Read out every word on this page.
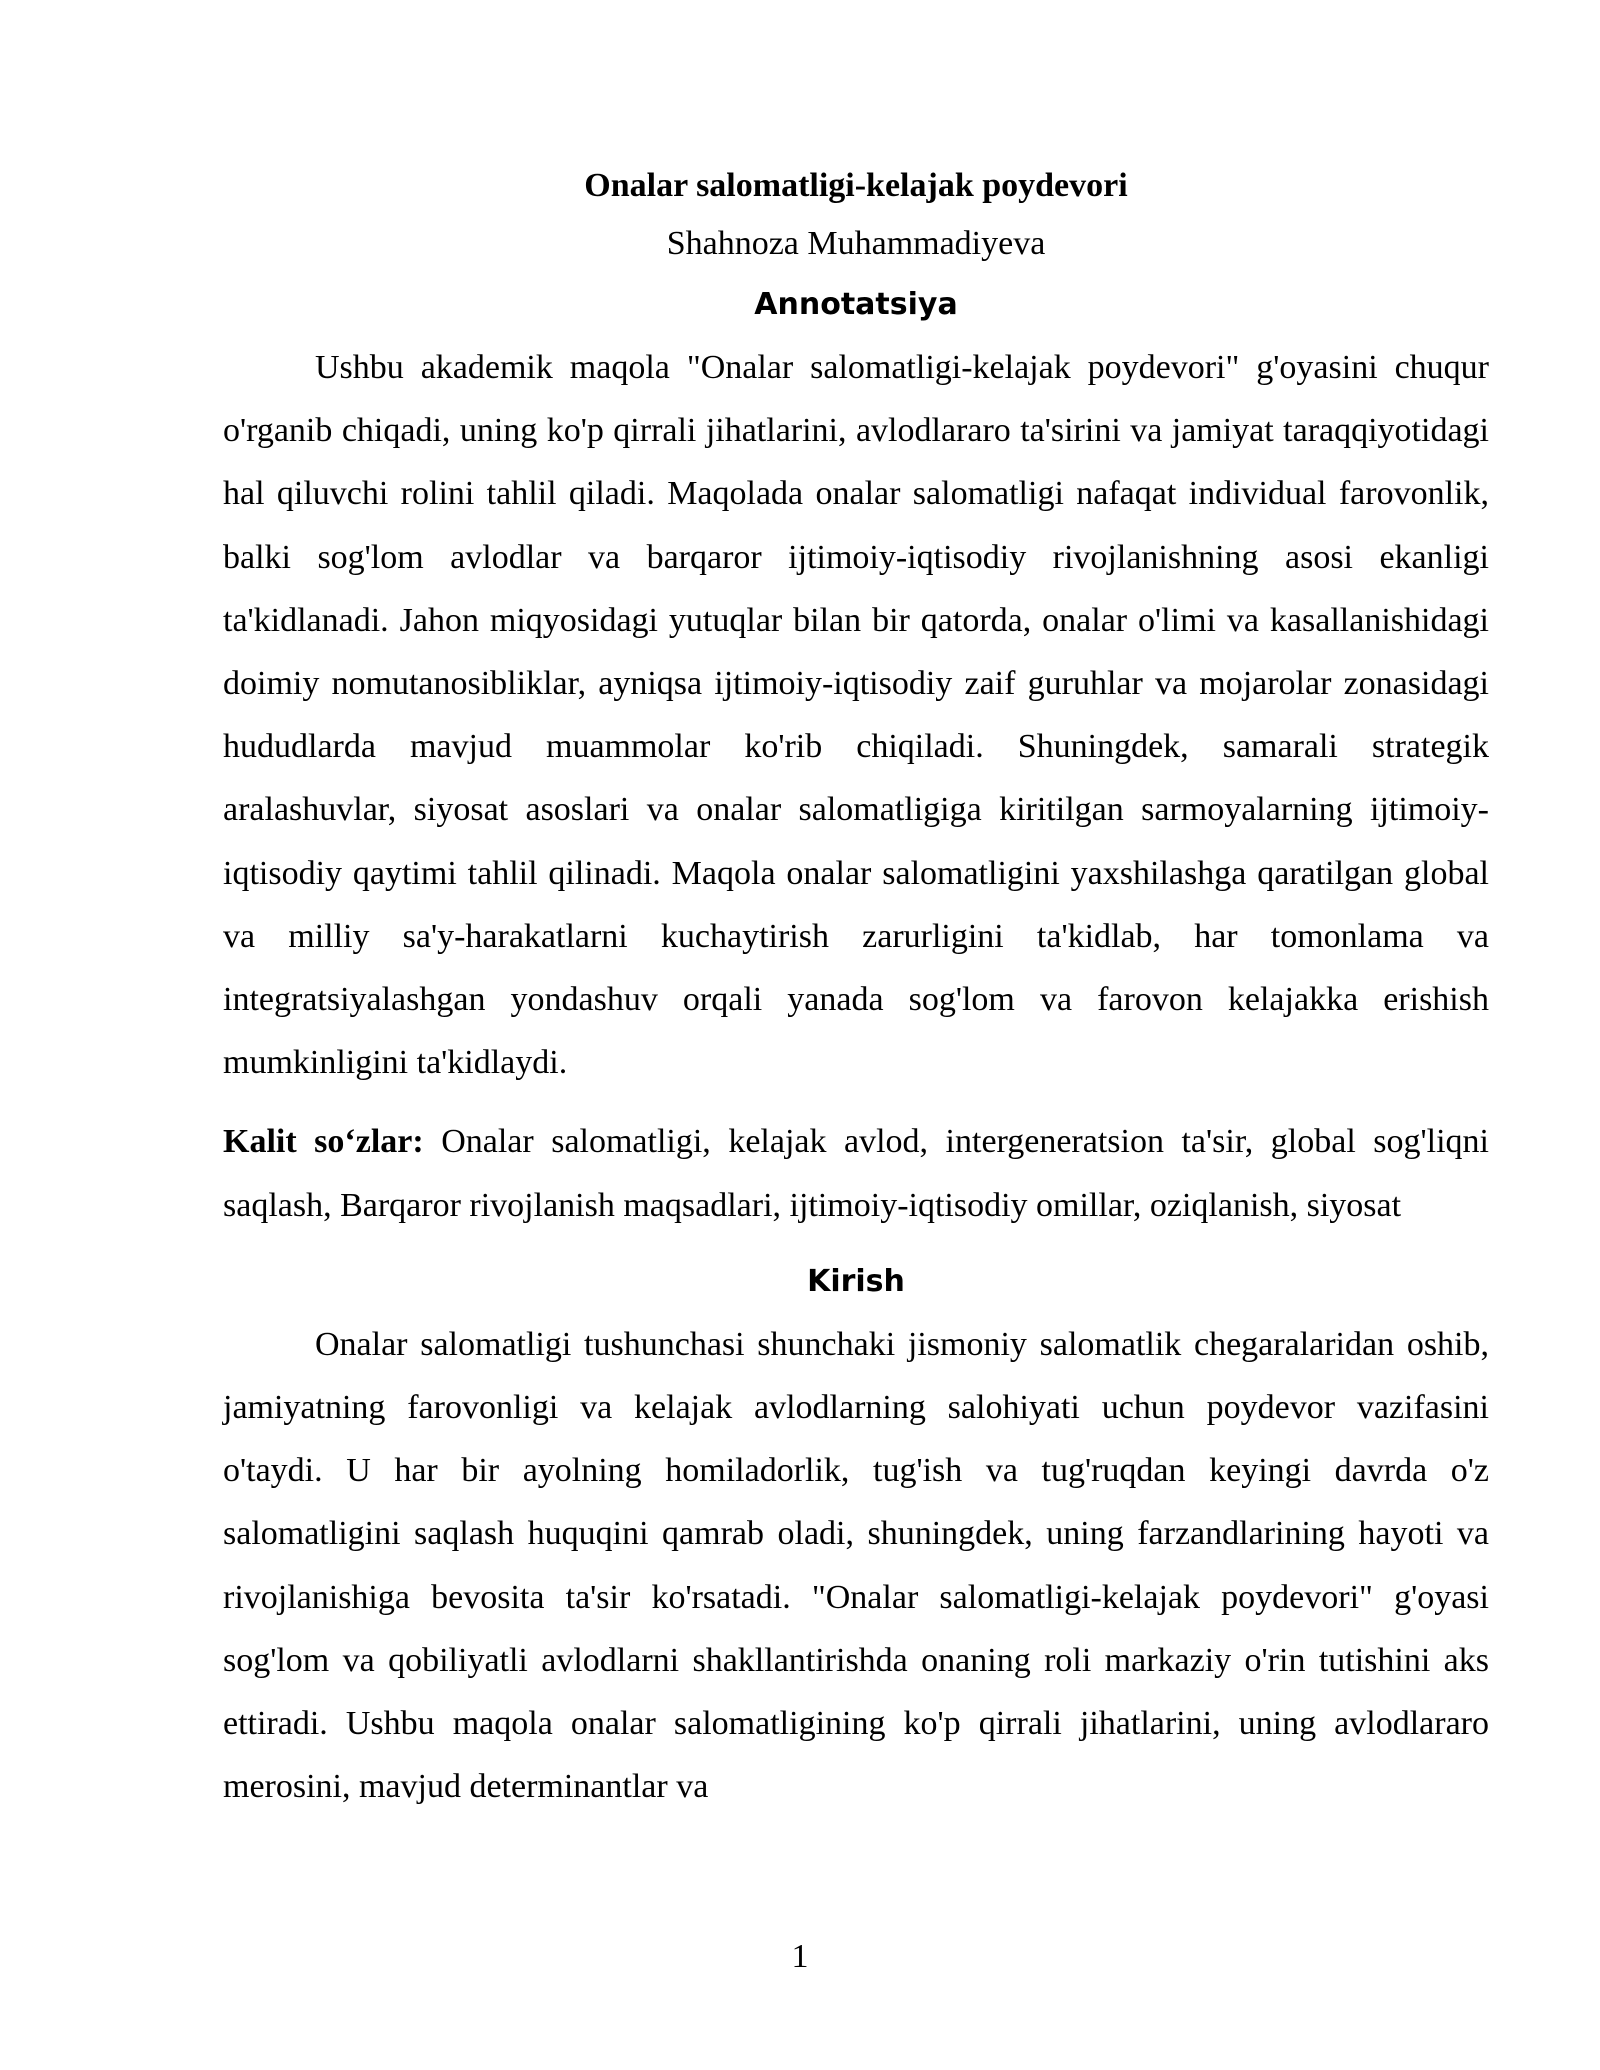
Onalar salomatligi-kelajak poydevori
Shahnoza Muhammadiyeva
Annotatsiya

Ushbu akademik maqola "Onalar salomatligi-kelajak poydevori" g'oyasini chuqur o'rganib chiqadi, uning ko'p qirrali jihatlarini, avlodlararo ta'sirini va jamiyat taraqqiyotidagi hal qiluvchi rolini tahlil qiladi. Maqolada onalar salomatligi nafaqat individual farovonlik, balki sog'lom avlodlar va barqaror ijtimoiy-iqtisodiy rivojlanishning asosi ekanligi ta'kidlanadi. Jahon miqyosidagi yutuqlar bilan bir qatorda, onalar o'limi va kasallanishidagi doimiy nomutanosibliklar, ayniqsa ijtimoiy-iqtisodiy zaif guruhlar va mojarolar zonasidagi hududlarda mavjud muammolar ko'rib chiqiladi. Shuningdek, samarali strategik aralashuvlar, siyosat asoslari va onalar salomatligiga kiritilgan sarmoyalarning ijtimoiy-iqtisodiy qaytimi tahlil qilinadi. Maqola onalar salomatligini yaxshilashga qaratilgan global va milliy sa'y-harakatlarni kuchaytirish zarurligini ta'kidlab, har tomonlama va integratsiyalashgan yondashuv orqali yanada sog'lom va farovon kelajakka erishish mumkinligini ta'kidlaydi.

Kalit so‘zlar: Onalar salomatligi, kelajak avlod, intergeneratsion ta'sir, global sog'liqni saqlash, Barqaror rivojlanish maqsadlari, ijtimoiy-iqtisodiy omillar, oziqlanish, siyosat

Kirish

Onalar salomatligi tushunchasi shunchaki jismoniy salomatlik chegaralaridan oshib, jamiyatning farovonligi va kelajak avlodlarning salohiyati uchun poydevor vazifasini o'taydi. U har bir ayolning homiladorlik, tug'ish va tug'ruqdan keyingi davrda o'z salomatligini saqlash huquqini qamrab oladi, shuningdek, uning farzandlarining hayoti va rivojlanishiga bevosita ta'sir ko'rsatadi. "Onalar salomatligi-kelajak poydevori" g'oyasi sog'lom va qobiliyatli avlodlarni shakllantirishda onaning roli markaziy o'rin tutishini aks ettiradi. Ushbu maqola onalar salomatligining ko'p qirrali jihatlarini, uning avlodlararo merosini, mavjud determinantlar va

1
